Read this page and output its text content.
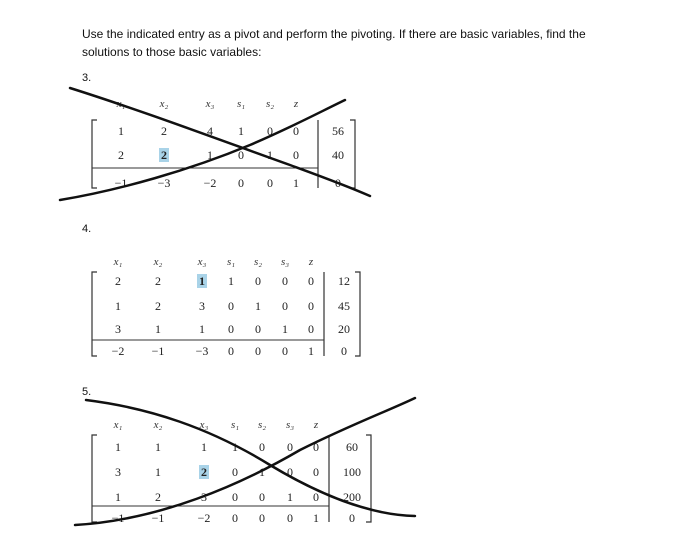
Use the indicated entry as a pivot and perform the pivoting. If there are basic variables, find the solutions to those basic variables:
3.
x₁	x₂	x₃ s₁ s₂ z
1	2	4 1 0 0	56
2	2	1 0 1 0	40
−1	−3	−2 0 0 1	0
4.
x₁	x₂	x₃ s₁ s₂ s₃ z
2	2	1 1 0 0 0 12
1	2	3 0 1 0 0 45
3	1	1 0 0 1 0 20
−2 −1	−3 0 0 0 1 0
5.
x₁	x₂	x₃ s₁ s₂ s₃ z
1	1	1 1 0 0 0 60
3	1	2 0 1 0 0 100
1	2	3 0 0 1 0 200
−1 −1	−2 0 0 0 1	0
